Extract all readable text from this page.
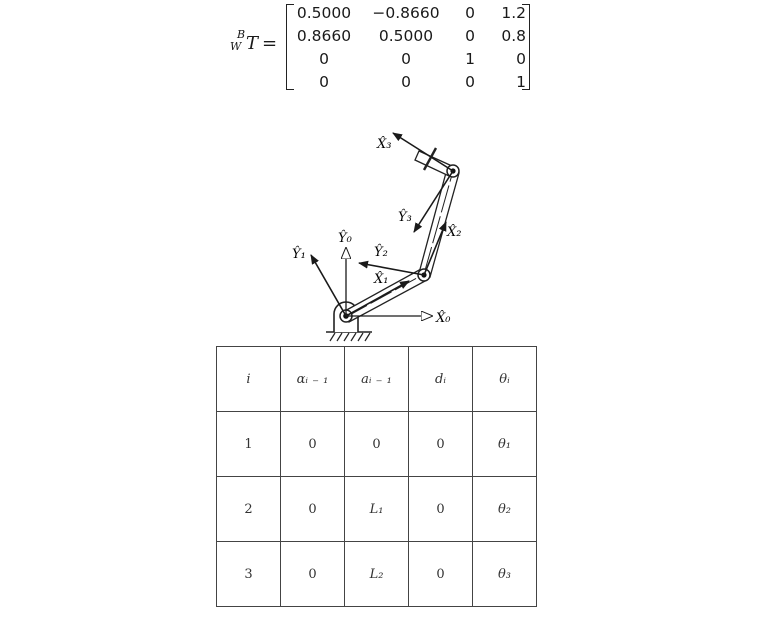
B
W T =
0.5000	−0.8660	0	1.2
0.8660	0.5000	0	0.8
0	0	1	0
0	0	0	1
X̂₀
Ŷ₀
X̂₁
Ŷ₁
X̂₂
Ŷ₂
X̂₃
Ŷ₃
i	αᵢ ₋ ₁	aᵢ ₋ ₁	dᵢ	θᵢ
1	0	0	0	θ₁
2	0	L₁	0	θ₂
3	0	L₂	0	θ₃
